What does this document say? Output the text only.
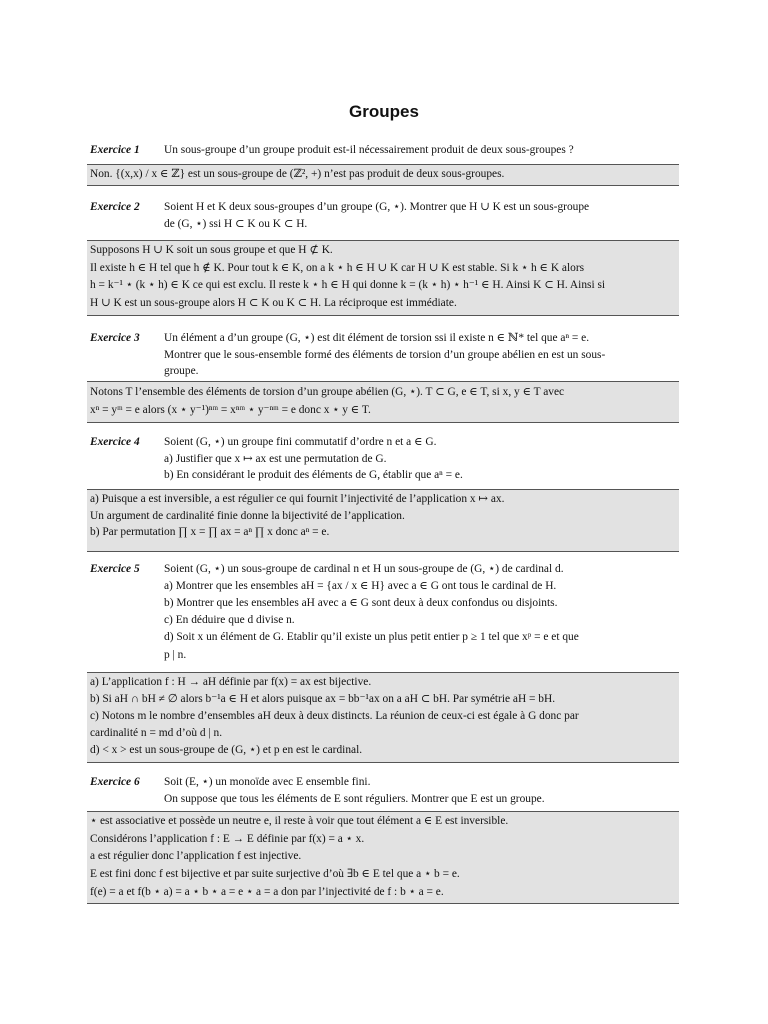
Groupes
Exercice 1 Un sous-groupe d’un groupe produit est-il nécessairement produit de deux sous-groupes ?

Non. {(x,x) / x ∈ ℤ} est un sous-groupe de (ℤ², +) n’est pas produit de deux sous-groupes.

Exercice 2 Soient H et K deux sous-groupes d’un groupe (G, ⋆). Montrer que H ∪ K est un sous-groupe

de (G, ⋆) ssi H ⊂ K ou K ⊂ H.

Supposons H ∪ K soit un sous groupe et que H ⊄ K.

Il existe h ∈ H tel que h ∉ K. Pour tout k ∈ K, on a k ⋆ h ∈ H ∪ K car H ∪ K est stable. Si k ⋆ h ∈ K alors

h = k⁻¹ ⋆ (k ⋆ h) ∈ K ce qui est exclu. Il reste k ⋆ h ∈ H qui donne k = (k ⋆ h) ⋆ h⁻¹ ∈ H. Ainsi K ⊂ H. Ainsi si

H ∪ K est un sous-groupe alors H ⊂ K ou K ⊂ H. La réciproque est immédiate.

Exercice 3 Un élément a d’un groupe (G, ⋆) est dit élément de torsion ssi il existe n ∈ ℕ* tel que aⁿ = e.

Montrer que le sous-ensemble formé des éléments de torsion d’un groupe abélien en est un sous-

groupe.

Notons T l’ensemble des éléments de torsion d’un groupe abélien (G, ⋆). T ⊂ G, e ∈ T, si x, y ∈ T avec

xⁿ = yᵐ = e alors (x ⋆ y⁻¹)ⁿᵐ = xⁿᵐ ⋆ y⁻ⁿᵐ = e donc x ⋆ y ∈ T.

Exercice 4 Soient (G, ⋆) un groupe fini commutatif d’ordre n et a ∈ G.

a) Justifier que x ↦ ax est une permutation de G.

b) En considérant le produit des éléments de G, établir que aⁿ = e.

a) Puisque a est inversible, a est régulier ce qui fournit l’injectivité de l’application x ↦ ax.

Un argument de cardinalité finie donne la bijectivité de l’application.

b) Par permutation ∏ x = ∏ ax = aⁿ ∏ x donc aⁿ = e.

Exercice 5 Soient (G, ⋆) un sous-groupe de cardinal n et H un sous-groupe de (G, ⋆) de cardinal d.

a) Montrer que les ensembles aH = {ax / x ∈ H} avec a ∈ G ont tous le cardinal de H.

b) Montrer que les ensembles aH avec a ∈ G sont deux à deux confondus ou disjoints.

c) En déduire que d divise n.

d) Soit x un élément de G. Etablir qu’il existe un plus petit entier p ≥ 1 tel que xᵖ = e et que

p | n.

a) L’application f : H → aH définie par f(x) = ax est bijective.

b) Si aH ∩ bH ≠ ∅ alors b⁻¹a ∈ H et alors puisque ax = bb⁻¹ax on a aH ⊂ bH. Par symétrie aH = bH.

c) Notons m le nombre d’ensembles aH deux à deux distincts. La réunion de ceux-ci est égale à G donc par

cardinalité n = md d’où d | n.

d) < x > est un sous-groupe de (G, ⋆) et p en est le cardinal.

Exercice 6 Soit (E, ⋆) un monoïde avec E ensemble fini.

On suppose que tous les éléments de E sont réguliers. Montrer que E est un groupe.

⋆ est associative et possède un neutre e, il reste à voir que tout élément a ∈ E est inversible.

Considérons l’application f : E → E définie par f(x) = a ⋆ x.

a est régulier donc l’application f est injective.

E est fini donc f est bijective et par suite surjective d’où ∃b ∈ E tel que a ⋆ b = e.

f(e) = a et f(b ⋆ a) = a ⋆ b ⋆ a = e ⋆ a = a don par l’injectivité de f : b ⋆ a = e.
